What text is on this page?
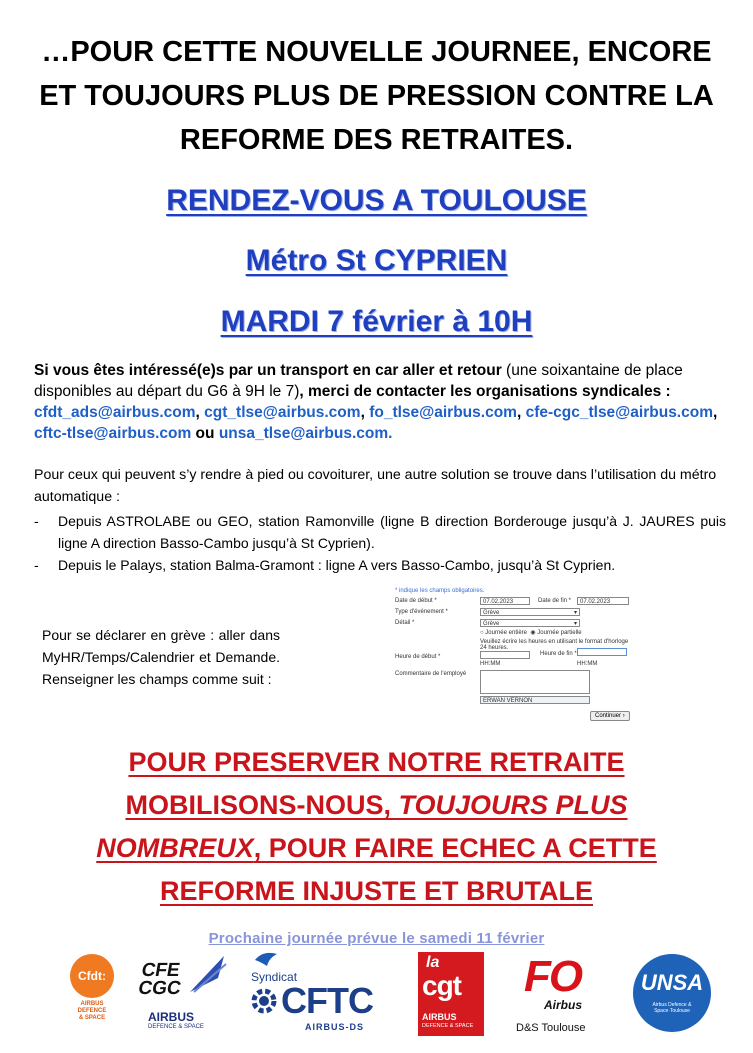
…POUR CETTE NOUVELLE JOURNEE, ENCORE
ET TOUJOURS PLUS DE PRESSION CONTRE LA
REFORME DES RETRAITES.
RENDEZ-VOUS A TOULOUSE
Métro St CYPRIEN
MARDI 7 février à 10H
Si vous êtes intéressé(e)s par un transport en car aller et retour (une soixantaine de place disponibles au départ du G6 à 9H le 7), merci de contacter les organisations syndicales : cfdt_ads@airbus.com, cgt_tlse@airbus.com, fo_tlse@airbus.com, cfe-cgc_tlse@airbus.com, cftc-tlse@airbus.com ou unsa_tlse@airbus.com.
Pour ceux qui peuvent s’y rendre à pied ou covoiturer, une autre solution se trouve dans l’utilisation du métro automatique :
- Depuis ASTROLABE ou GEO, station Ramonville (ligne B direction Borderouge jusqu’à J. JAURES puis ligne A direction Basso-Cambo jusqu’à St Cyprien).
- Depuis le Palays, station Balma-Gramont : ligne A vers Basso-Cambo, jusqu’à St Cyprien.
Pour se déclarer en grève : aller dans MyHR/Temps/Calendrier et Demande. Renseigner les champs comme suit :
* indique les champs obligatoires.
Date de début *	07.02.2023	Date de fin *	07.02.2023
Type d'événement *	Grève	▾
Détail *	Grève	▾
○ Journée entière ◉ Journée partielle
Veuillez écrire les heures en utilisant le format d'horloge 24 heures.
Heure de début *	Heure de fin *
HH:MM	HH:MM
Commentaire de l'employé
ERWAN VERNON
Continuer ›
POUR PRESERVER NOTRE RETRAITE
MOBILISONS-NOUS, TOUJOURS PLUS
NOMBREUX, POUR FAIRE ECHEC A CETTE
REFORME INJUSTE ET BRUTALE
Prochaine journée prévue le samedi 11 février
Cfdt:
AIRBUS
DEFENCE
& SPACE
CFE
CGC
AIRBUS
DEFENCE & SPACE
Syndicat
CFTC
AIRBUS-DS
la
cgt
AIRBUS
DEFENCE & SPACE
FO
Airbus
D&S Toulouse
UNSA
Airbus Defence & Space·Toulouse
